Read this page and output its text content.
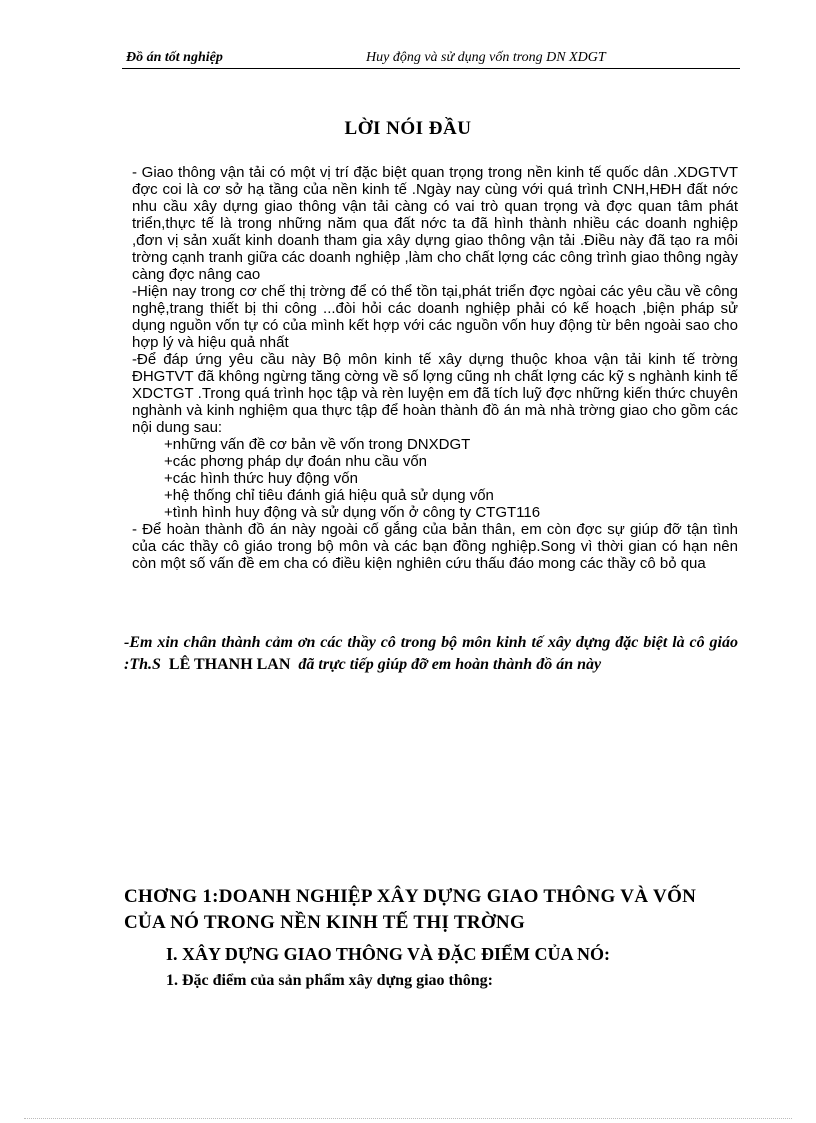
Đồ án tốt nghiệp	Huy động và sử dụng vốn trong DN XDGT
LỜI NÓI ĐẦU

- Giao thông vận tải có một vị trí đặc biệt quan trọng trong nền kinh tế quốc dân .XDGTVT đợc coi là cơ sở hạ tầng của nền kinh tế .Ngày nay cùng với quá trình CNH,HĐH đất nớc nhu cầu xây dựng giao thông vận tải càng có vai trò quan trọng và đợc quan tâm phát triển,thực tế là trong những năm qua đất nớc ta đã hình thành nhiều các doanh nghiệp ,đơn vị sản xuất kinh doanh tham gia xây dựng giao thông vận tải .Điều này đã tạo ra môi trờng cạnh tranh giữa các doanh nghiệp ,làm cho chất lợng các công trình giao thông ngày càng đợc nâng cao

-Hiện nay trong cơ chế thị trờng để có thể tồn tại,phát triển đợc ngòai các yêu cầu về công nghệ,trang thiết bị thi công ...đòi hỏi các doanh nghiệp phải có kế hoạch ,biện pháp sử dụng nguồn vốn tự có của mình kết hợp với các nguồn vốn huy động từ bên ngoài sao cho hợp lý và hiệu quả nhất

-Để đáp ứng yêu cầu này Bộ môn kinh tế xây dựng thuộc khoa vận tải kinh tế trờng ĐHGTVT đã không ngừng tăng cờng về số lợng cũng nh chất lợng các kỹ s nghành kinh tế XDCTGT .Trong quá trình học tập và rèn luyện em đã tích luỹ đợc những kiến thức chuyên nghành và kinh nghiệm qua thực tập để hoàn thành đồ án mà nhà trờng giao cho gồm các nội dung sau:

+những vấn đề cơ bản về vốn trong DNXDGT

+các phơng pháp dự đoán nhu cầu vốn

+các hình thức huy động vốn

+hệ thống chỉ tiêu đánh giá hiệu quả sử dụng vốn

+tình hình huy động và sử dụng vốn ở công ty CTGT116

- Để hoàn thành đồ án này ngoài cố gắng của bản thân, em còn đợc sự giúp đỡ tận tình của các thầy cô giáo trong bộ môn và các bạn đồng nghiệp.Song vì thời gian có hạn nên còn một số vấn đề em cha có điều kiện nghiên cứu thấu đáo mong các thầy cô bỏ qua

-Em xin chân thành cảm ơn các thầy cô trong bộ môn kinh tế xây dựng đặc biệt là cô giáo :Th.S LÊ THANH LAN đã trực tiếp giúp đỡ em hoàn thành đồ án này
CHƠNG 1:DOANH NGHIỆP XÂY DỰNG GIAO THÔNG VÀ VỐN CỦA NÓ TRONG NỀN KINH TẾ THỊ TRỜNG
I. XÂY DỰNG GIAO THÔNG VÀ ĐẶC ĐIỂM CỦA NÓ:
1. Đặc điểm của sản phẩm xây dựng giao thông:
